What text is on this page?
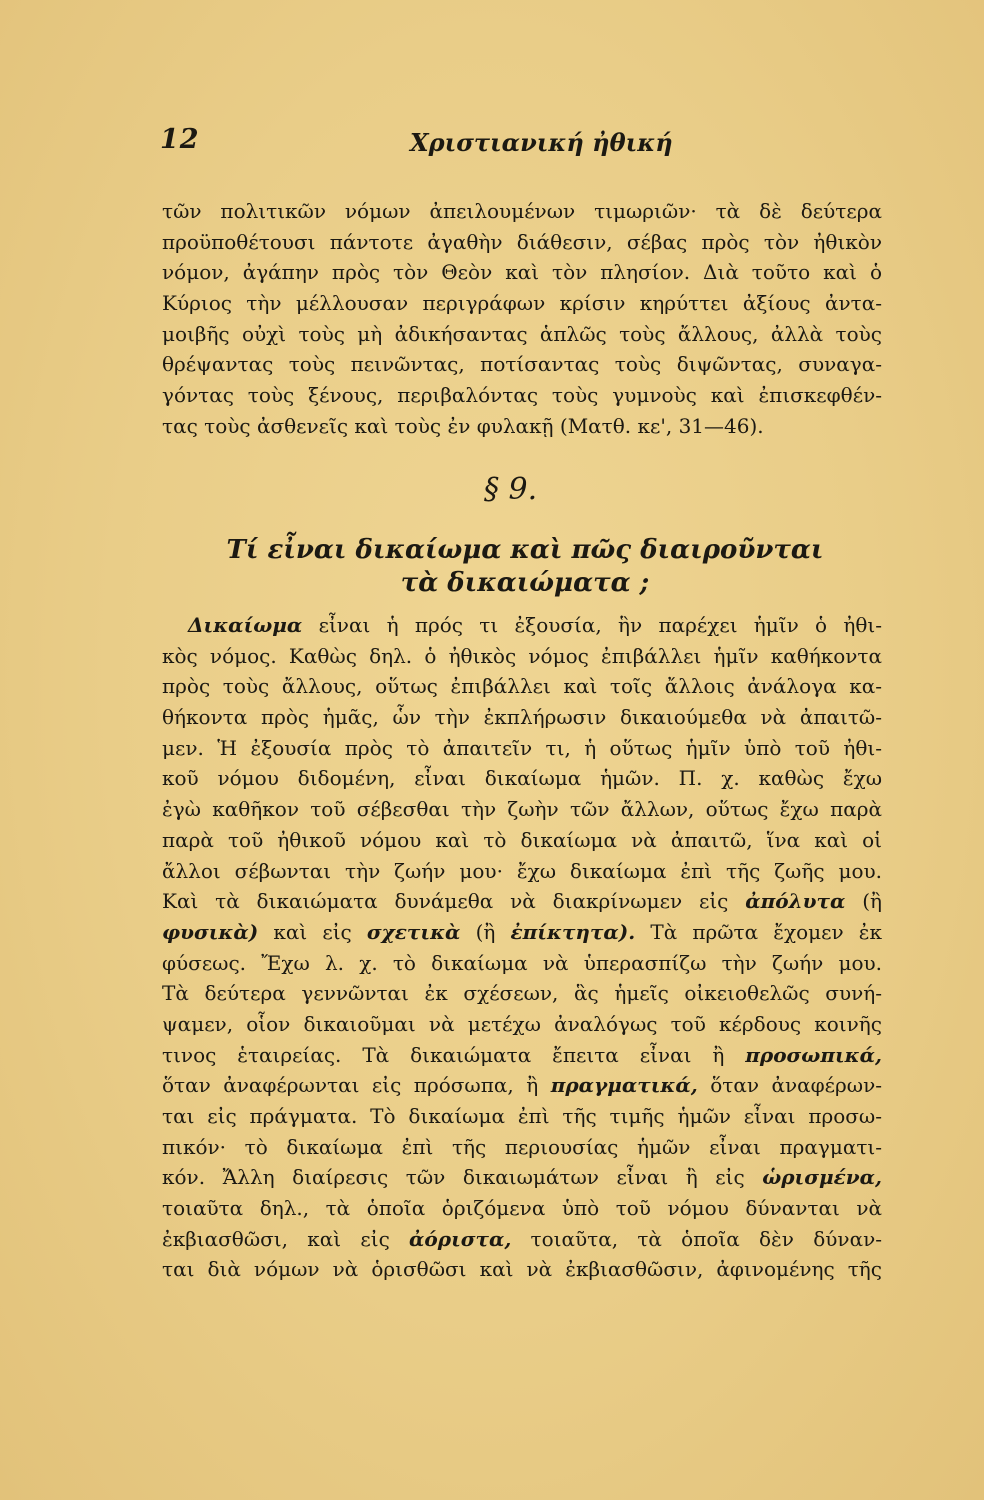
12	Χριστιανική ἠθική
τῶν πολιτικῶν νόμων ἀπειλουμένων τιμωριῶν· τὰ δὲ δεύτερα
προϋποθέτουσι πάντοτε ἀγαθὴν διάθεσιν, σέβας πρὸς τὸν ἠθικὸν
νόμον, ἀγάπην πρὸς τὸν Θεὸν καὶ τὸν πλησίον. Διὰ τοῦτο καὶ ὁ
Κύριος τὴν μέλλουσαν περιγράφων κρίσιν κηρύττει ἀξίους ἀντα-
μοιβῆς οὐχὶ τοὺς μὴ ἀδικήσαντας ἁπλῶς τοὺς ἄλλους, ἀλλὰ τοὺς
θρέψαντας τοὺς πεινῶντας, ποτίσαντας τοὺς διψῶντας, συναγα-
γόντας τοὺς ξένους, περιβαλόντας τοὺς γυμνοὺς καὶ ἐπισκεφθέν-
τας τοὺς ἀσθενεῖς καὶ τοὺς ἐν φυλακῇ (Ματθ. κε', 31—46).
§ 9.
Τί εἶναι δικαίωμα καὶ πῶς διαιροῦνται
τὰ δικαιώματα ;
Δικαίωμα εἶναι ἡ πρός τι ἐξουσία, ἣν παρέχει ἡμῖν ὁ ἠθι-
κὸς νόμος. Καθὼς δηλ. ὁ ἠθικὸς νόμος ἐπιβάλλει ἡμῖν καθήκοντα
πρὸς τοὺς ἄλλους, οὕτως ἐπιβάλλει καὶ τοῖς ἄλλοις ἀνάλογα κα-
θήκοντα πρὸς ἡμᾶς, ὧν τὴν ἐκπλήρωσιν δικαιούμεθα νὰ ἀπαιτῶ-
μεν. Ἡ ἐξουσία πρὸς τὸ ἀπαιτεῖν τι, ἡ οὕτως ἡμῖν ὑπὸ τοῦ ἠθι-
κοῦ νόμου διδομένη, εἶναι δικαίωμα ἡμῶν. Π. χ. καθὼς ἔχω
ἐγὼ καθῆκον τοῦ σέβεσθαι τὴν ζωὴν τῶν ἄλλων, οὕτως ἔχω παρὰ
παρὰ τοῦ ἠθικοῦ νόμου καὶ τὸ δικαίωμα νὰ ἀπαιτῶ, ἵνα καὶ οἱ
ἄλλοι σέβωνται τὴν ζωήν μου· ἔχω δικαίωμα ἐπὶ τῆς ζωῆς μου.
Καὶ τὰ δικαιώματα δυνάμεθα νὰ διακρίνωμεν εἰς ἀπόλυτα (ἢ
φυσικὰ) καὶ εἰς σχετικὰ (ἢ ἐπίκτητα). Τὰ πρῶτα ἔχομεν ἐκ
φύσεως. Ἔχω λ. χ. τὸ δικαίωμα νὰ ὑπερασπίζω τὴν ζωήν μου.
Τὰ δεύτερα γεννῶνται ἐκ σχέσεων, ἃς ἡμεῖς οἰκειοθελῶς συνή-
ψαμεν, οἷον δικαιοῦμαι νὰ μετέχω ἀναλόγως τοῦ κέρδους κοινῆς
τινος ἑταιρείας. Τὰ δικαιώματα ἔπειτα εἶναι ἢ προσωπικά,
ὅταν ἀναφέρωνται εἰς πρόσωπα, ἢ πραγματικά, ὅταν ἀναφέρων-
ται εἰς πράγματα. Τὸ δικαίωμα ἐπὶ τῆς τιμῆς ἡμῶν εἶναι προσω-
πικόν· τὸ δικαίωμα ἐπὶ τῆς περιουσίας ἡμῶν εἶναι πραγματι-
κόν. Ἄλλη διαίρεσις τῶν δικαιωμάτων εἶναι ἢ εἰς ὡρισμένα,
τοιαῦτα δηλ., τὰ ὁποῖα ὁριζόμενα ὑπὸ τοῦ νόμου δύνανται νὰ
ἐκβιασθῶσι, καὶ εἰς ἀόριστα, τοιαῦτα, τὰ ὁποῖα δὲν δύναν-
ται διὰ νόμων νὰ ὁρισθῶσι καὶ νὰ ἐκβιασθῶσιν, ἀφινομένης τῆς
